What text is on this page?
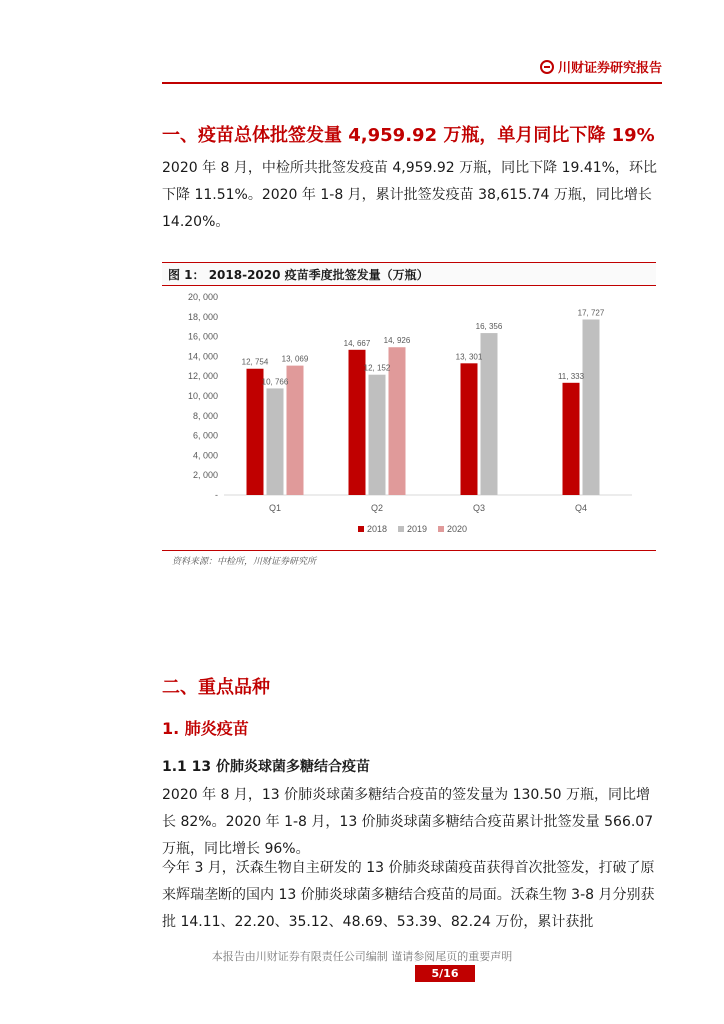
川财证券研究报告
一、疫苗总体批签发量 4,959.92 万瓶，单月同比下降 19%

2020 年 8 月，中检所共批签发疫苗 4,959.92 万瓶，同比下降 19.41%，环比下降 11.51%。2020 年 1-8 月，累计批签发疫苗 38,615.74 万瓶，同比增长 14.20%。

图 1： 2018-2020 疫苗季度批签发量（万瓶）
20, 000
18, 000
16, 000
14, 000
12, 000
10, 000
8, 000
6, 000
4, 000
2, 000
-
12, 754
10, 766
13, 069
14, 667
12, 152
14, 926
13, 301
16, 356
11, 333
17, 727
Q1	Q2	Q3	Q4
2018 2019 2020
资料来源：中检所，川财证券研究所
二、重点品种
1. 肺炎疫苗
1.1 13 价肺炎球菌多糖结合疫苗

2020 年 8 月，13 价肺炎球菌多糖结合疫苗的签发量为 130.50 万瓶，同比增长 82%。2020 年 1-8 月，13 价肺炎球菌多糖结合疫苗累计批签发量 566.07 万瓶，同比增长 96%。

今年 3 月，沃森生物自主研发的 13 价肺炎球菌疫苗获得首次批签发，打破了原来辉瑞垄断的国内 13 价肺炎球菌多糖结合疫苗的局面。沃森生物 3-8 月分别获批 14.11、22.20、35.12、48.69、53.39、82.24 万份，累计获批

本报告由川财证券有限责任公司编制 谨请参阅尾页的重要声明
5/16
